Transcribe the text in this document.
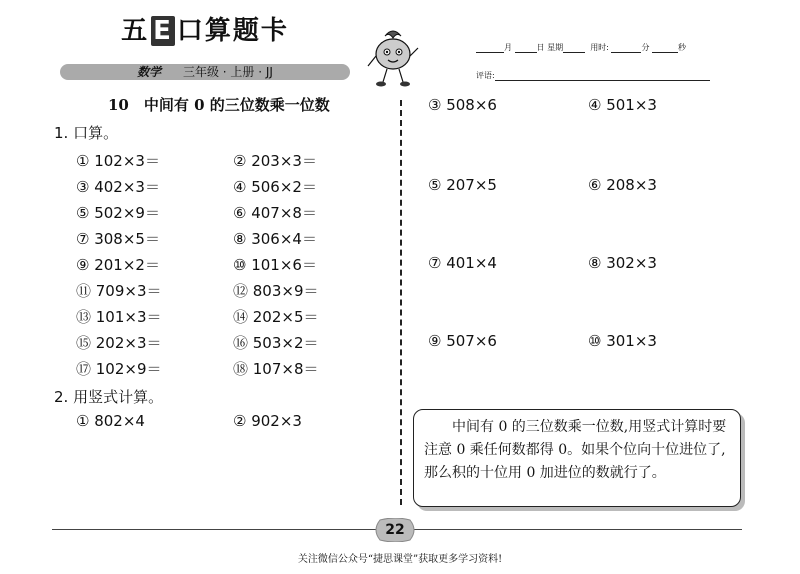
五 E 口算题卡
数学 三年级 · 上册 · JJ
月	日 星期	用时:	分	秒
评语:
10　中间有 0 的三位数乘一位数
1. 口算。
① 102×3＝	② 203×3＝
③ 402×3＝	④ 506×2＝
⑤ 502×9＝	⑥ 407×8＝
⑦ 308×5＝	⑧ 306×4＝
⑨ 201×2＝	⑩ 101×6＝
⑪ 709×3＝	⑫ 803×9＝
⑬ 101×3＝	⑭ 202×5＝
⑮ 202×3＝	⑯ 503×2＝
⑰ 102×9＝	⑱ 107×8＝
2. 用竖式计算。
① 802×4	② 902×3
③ 508×6	④ 501×3
⑤ 207×5	⑥ 208×3
⑦ 401×4	⑧ 302×3
⑨ 507×6	⑩ 301×3
中间有 0 的三位数乘一位数,用竖式计算时要注意 0 乘任何数都得 0。如果个位向十位进位了,那么积的十位用 0 加进位的数就行了。
22
关注微信公众号“捷思课堂”获取更多学习资料!
